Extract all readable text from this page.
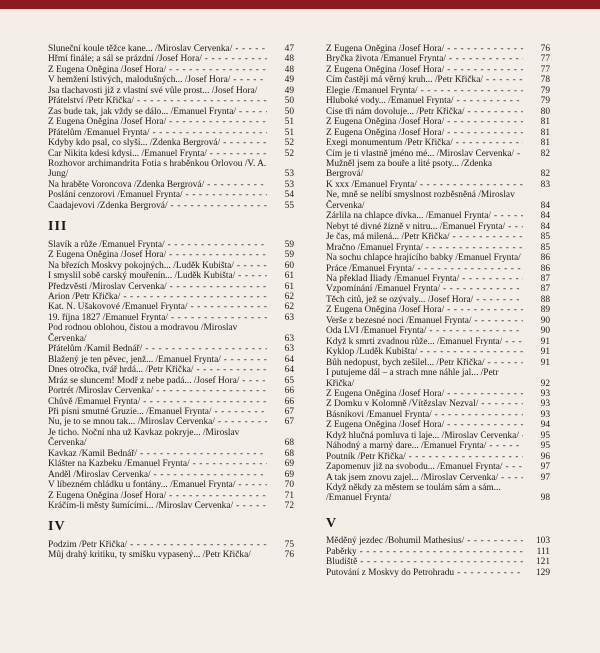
Sluneční koule těžce kane... /Miroslav Červenka/ - - -	47
Hřmí finále; a sál se prázdní /Josef Hora/ - - -	48
Z Eugena Oněgina /Josef Hora/ - - -	48
V hemžení lstivých, malodušných... /Josef Hora/ - - -	49
Jsa tlachavosti již z vlastní své vůle prost... /Josef Hora/	49
Přátelství /Petr Křička/ - - -	50
Zas bude tak, jak vždy se dálo... /Emanuel Frynta/ - - -	50
Z Eugena Oněgina /Josef Hora/ - - -	51
Přátelům /Emanuel Frynta/ - - -	51
Kdyby kdo psal, co slyší... /Zdenka Bergrová/ - - -	52
Car Nikita kdesi kdysi... /Emanuel Frynta/ - - -	52
Rozhovor archimandrita Fotia s hraběnkou Orlovou /V. A. Jung/	53
Na hraběte Voroncova /Zdenka Bergrová/ - - -	53
Poslání cenzorovi /Emanuel Frynta/ - - -	54
Čaadajevovi /Zdenka Bergrová/ - - -	55
III
Slavík a růže /Emanuel Frynta/ - - -	59
Z Eugena Oněgina /Josef Hora/ - - -	59
Na březích Moskvy pokojných... /Luděk Kubišta/ - - -	60
I smyslil sobě carský mouřenín... /Luděk Kubišta/ - - -	61
Předzvěsti /Miroslav Červenka/ - - -	61
Arion /Petr Křička/ - - -	62
Kat. N. Ušakovové /Emanuel Frynta/ - - -	62
19. října 1827 /Emanuel Frynta/ - - -	63
Pod rodnou oblohou, čistou a modravou /Miroslav Červenka/	63
Přátelům /Kamil Bednář/ - - -	63
Blažený je ten pěvec, jenž... /Emanuel Frynta/ - - -	64
Dnes otročka, tvář hrdá... /Petr Křička/ - - -	64
Mráz se sluncem! Modř z nebe padá... /Josef Hora/ - - -	65
Portrét /Miroslav Červenka/ - - -	66
Chůvě /Emanuel Frynta/ - - -	66
Při písni smutné Gruzie... /Emanuel Frynta/ - - -	67
Nu, je to se mnou tak... /Miroslav Červenka/ - - -	67
Je ticho. Noční nha už Kavkaz pokryje... /Miroslav Červenka/	68
Kavkaz /Kamil Bednář/ - - -	68
Klášter na Kazbeku /Emanuel Frynta/ - - -	69
Anděl /Miroslav Červenka/ - - -	69
V líbezném chládku u fontány... /Emanuel Frynta/ - - -	70
Z Eugena Oněgina /Josef Hora/ - - -	71
Kráčím-li městy šumícími... /Miroslav Červenka/ - - -	72
IV
Podzim /Petr Křička/ - - -	75
Můj drahý kritiku, ty smíšku vypasený... /Petr Křička/	76
Z Eugena Oněgina /Josef Hora/ - - -	76
Bryčka života /Emanuel Frynta/ - - -	77
Z Eugena Oněgina /Josef Hora/ - - -	77
Čím častěji má věrný kruh... /Petr Křička/ - - -	78
Elegie /Emanuel Frynta/ - - -	79
Hluboké vody... /Emanuel Frynta/ - - -	79
Čise tři nám dovoluje... /Petr Křička/ - - -	80
Z Eugena Oněgina /Josef Hora/ - - -	81
Z Eugena Oněgina /Josef Hora/ - - -	81
Exegi monumentum /Petr Křička/ - - -	81
Čím je ti vlastně jméno mé... /Miroslav Červenka/ - - -	82
Mužněl jsem za bouře a lité psoty... /Zdenka Bergrová/	82
K xxx /Emanuel Frynta/ - - -	83
Ne, mně se nelíbí smyslnost rozběsněná /Miroslav Červenka/	84
Žárlila na chlapce dívka... /Emanuel Frynta/ - - -	84
Nebyt té divné žízně v nitru... /Emanuel Frynta/ - - -	84
Je čas, má milená... /Petr Křička/ - - -	85
Mračno /Emanuel Frynta/ - - -	85
Na sochu chlapce hrajícího babky /Emanuel Frynta/ - - -	86
Práce /Emanuel Frynta/ - - -	86
Na překlad Iliady /Emanuel Frynta/ - - -	87
Vzpomínání /Emanuel Frynta/ - - -	87
Těch citů, jež se ozývaly... /Josef Hora/ - - -	88
Z Eugena Oněgina /Josef Hora/ - - -	89
Verše z bezesné noci /Emanuel Frynta/ - - -	90
Óda LVI /Emanuel Frynta/ - - -	90
Když k smrti zvadnou růže... /Emanuel Frynta/ - - -	91
Kyklop /Luděk Kubišta/ - - -	91
Bůh nedopust, bych zešílel... /Petr Křička/ - - -	91
I putujeme dál – a strach mne náhle jal... /Petr Křička/	92
Z Eugena Oněgina /Josef Hora/ - - -	93
Z Domku v Kolomně /Vítězslav Nezval/ - - -	93
Básníkovi /Emanuel Frynta/ - - -	93
Z Eugena Oněgina /Josef Hora/ - - -	94
Když hlučná pomluva ti laje... /Miroslav Červenka/ - - -	95
Náhodný a marný dare... /Emanuel Frynta/ - - -	95
Poutník /Petr Křička/ - - -	96
Zapomenuv již na svobodu... /Emanuel Frynta/ - - -	97
A tak jsem znovu zajel... /Miroslav Červenka/ - - -	97
Když někdy za městem se toulám sám a sám... /Emanuel Frynta/	98
V
Měděný jezdec /Bohumil Mathesius/ - - -	103
Paběrky - - -	111
Bludiště - - -	121
Putování z Moskvy do Petrohradu - - -	129
